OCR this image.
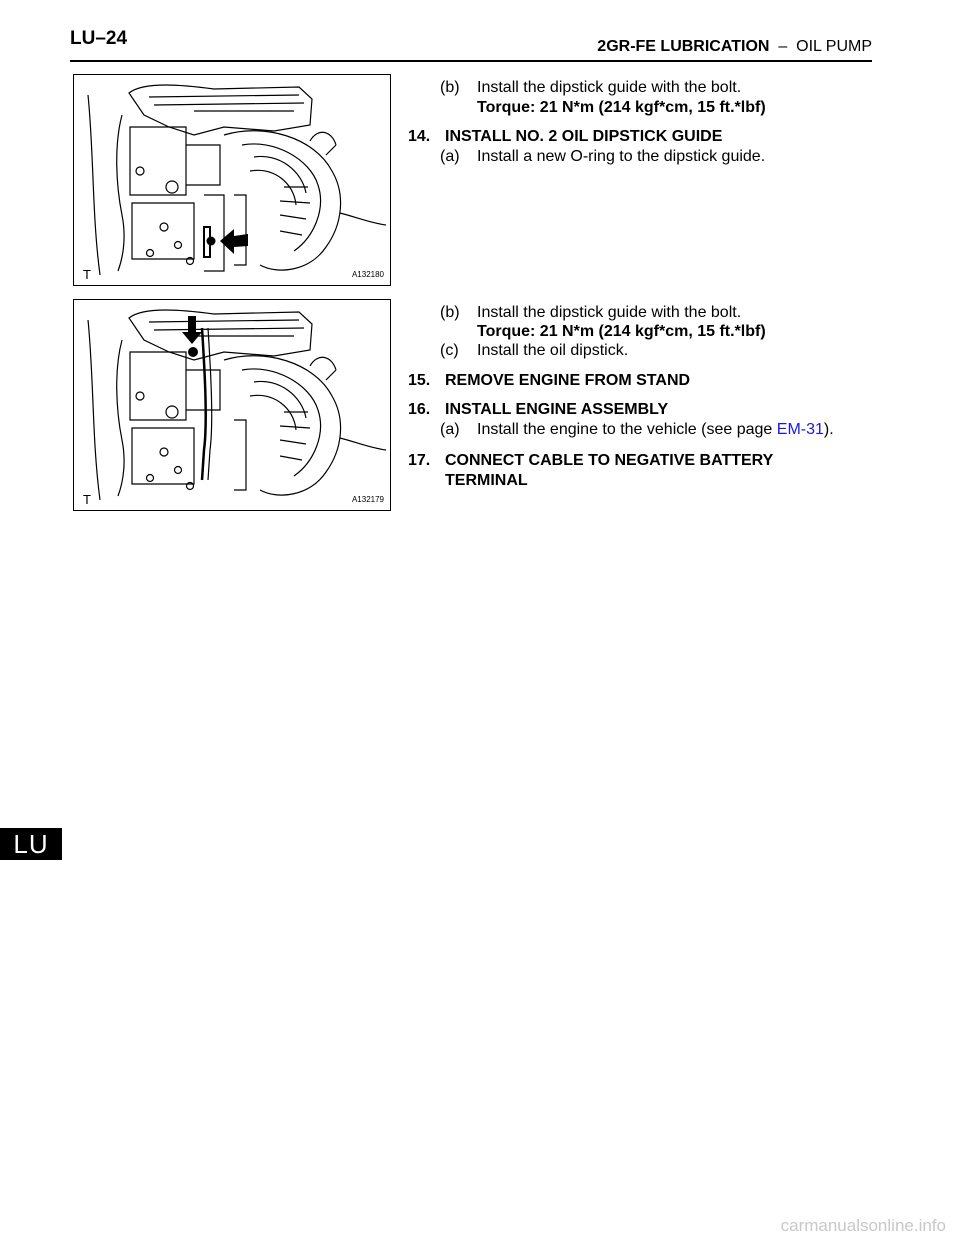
LU–24	2GR-FE LUBRICATION – OIL PUMP
T	A132180
T	A132179
(b) Install the dipstick guide with the bolt.
Torque: 21 N*m (214 kgf*cm, 15 ft.*lbf)
14. INSTALL NO. 2 OIL DIPSTICK GUIDE
(a) Install a new O-ring to the dipstick guide.
(b) Install the dipstick guide with the bolt.
Torque: 21 N*m (214 kgf*cm, 15 ft.*lbf)
(c) Install the oil dipstick.
15. REMOVE ENGINE FROM STAND
16. INSTALL ENGINE ASSEMBLY
(a) Install the engine to the vehicle (see page EM-31).
17. CONNECT CABLE TO NEGATIVE BATTERY
TERMINAL
LU
carmanualsonline.info
